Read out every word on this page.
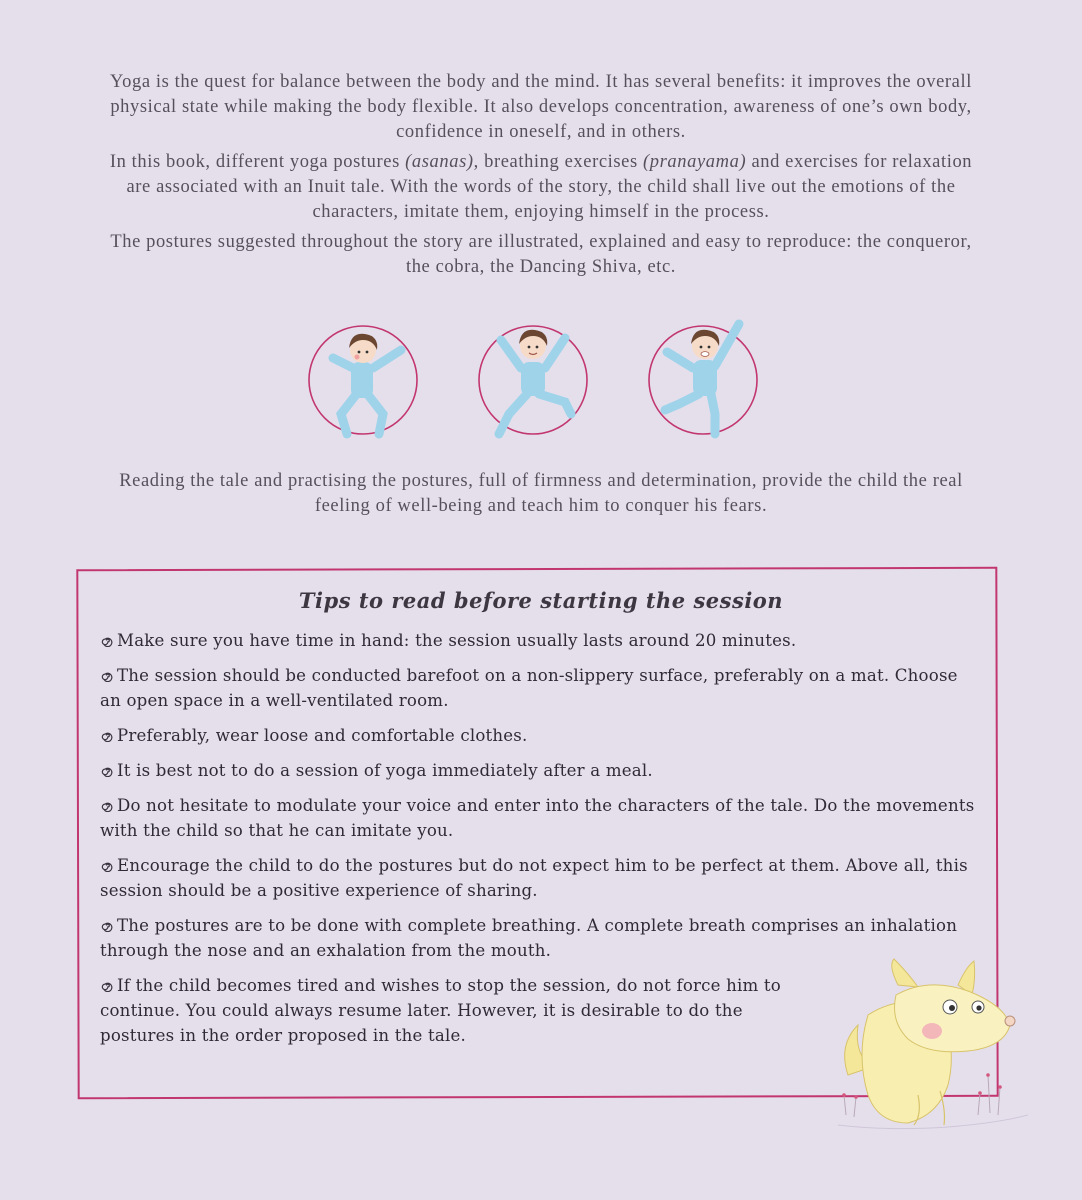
Yoga is the quest for balance between the body and the mind. It has several benefits: it improves the overall physical state while making the body flexible. It also develops concentration, awareness of one’s own body, confidence in oneself, and in others.

In this book, different yoga postures (asanas), breathing exercises (pranayama) and exercises for relaxation are associated with an Inuit tale. With the words of the story, the child shall live out the emotions of the characters, imitate them, enjoying himself in the process.

The postures suggested throughout the story are illustrated, explained and easy to reproduce: the conqueror, the cobra, the Dancing Shiva, etc.

Reading the tale and practising the postures, full of firmness and determination, provide the child the real feeling of well-being and teach him to conquer his fears.

Tips to read before starting the session
Make sure you have time in hand: the session usually lasts around 20 minutes.
The session should be conducted barefoot on a non-slippery surface, preferably on a mat. Choose an open space in a well-ventilated room.
Preferably, wear loose and comfortable clothes.
It is best not to do a session of yoga immediately after a meal.
Do not hesitate to modulate your voice and enter into the characters of the tale. Do the movements with the child so that he can imitate you.
Encourage the child to do the postures but do not expect him to be perfect at them. Above all, this session should be a positive experience of sharing.
The postures are to be done with complete breathing. A complete breath comprises an inhalation through the nose and an exhalation from the mouth.
If the child becomes tired and wishes to stop the session, do not force him to continue. You could always resume later. However, it is desirable to do the postures in the order proposed in the tale.
